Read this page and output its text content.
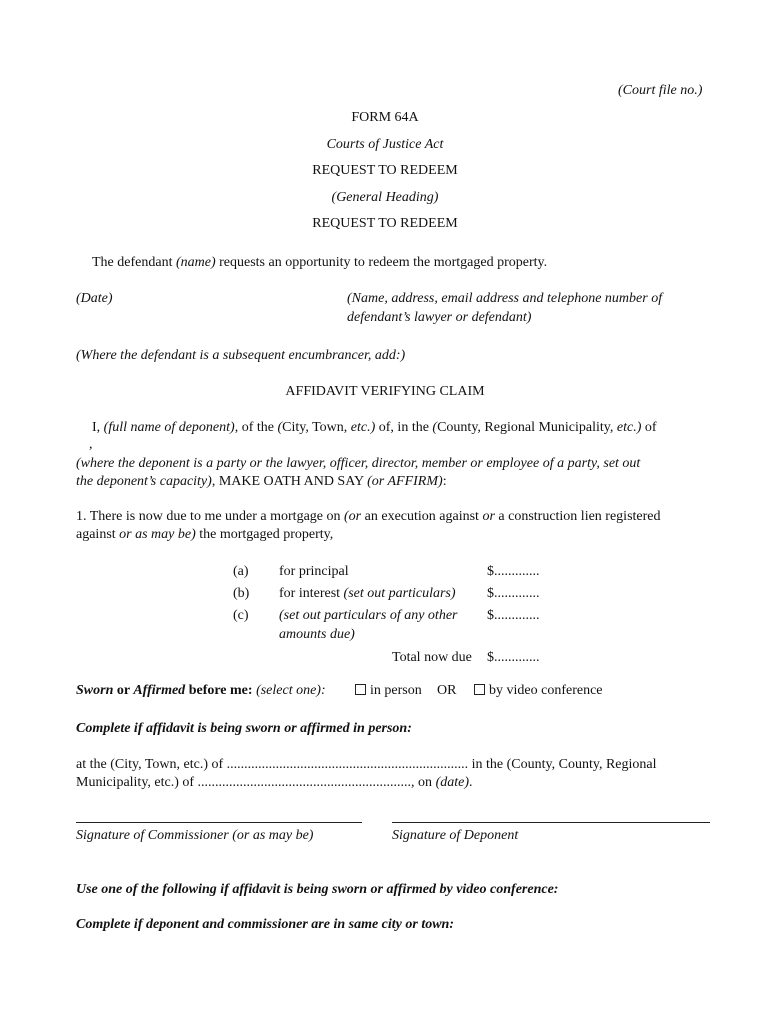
(Court file no.)
FORM 64A
Courts of Justice Act
REQUEST TO REDEEM
(General Heading)
REQUEST TO REDEEM
The defendant (name) requests an opportunity to redeem the mortgaged property.
(Date)	(Name, address, email address and telephone number of
defendant’s lawyer or defendant)
(Where the defendant is a subsequent encumbrancer, add:)
AFFIDAVIT VERIFYING CLAIM
I, (full name of deponent), of the (City, Town, etc.) of, in the (County, Regional Municipality, etc.) of
,
(where the deponent is a party or the lawyer, officer, director, member or employee of a party, set out
the deponent’s capacity), MAKE OATH AND SAY (or AFFIRM):
1. There is now due to me under a mortgage on (or an execution against or a construction lien registered
against or as may be) the mortgaged property,
(a) for principal	$.............
(b) for interest (set out particulars) $.............
(c) (set out particulars of any other $.............
amounts due)
Total now due $.............
Sworn or Affirmed before me: (select one):	in person OR	by video conference
Complete if affidavit is being sworn or affirmed in person:
at the (City, Town, etc.) of ..................................................................... in the (County, County, Regional
Municipality, etc.) of ............................................................., on (date).
Signature of Commissioner (or as may be)	Signature of Deponent
Use one of the following if affidavit is being sworn or affirmed by video conference:
Complete if deponent and commissioner are in same city or town:
